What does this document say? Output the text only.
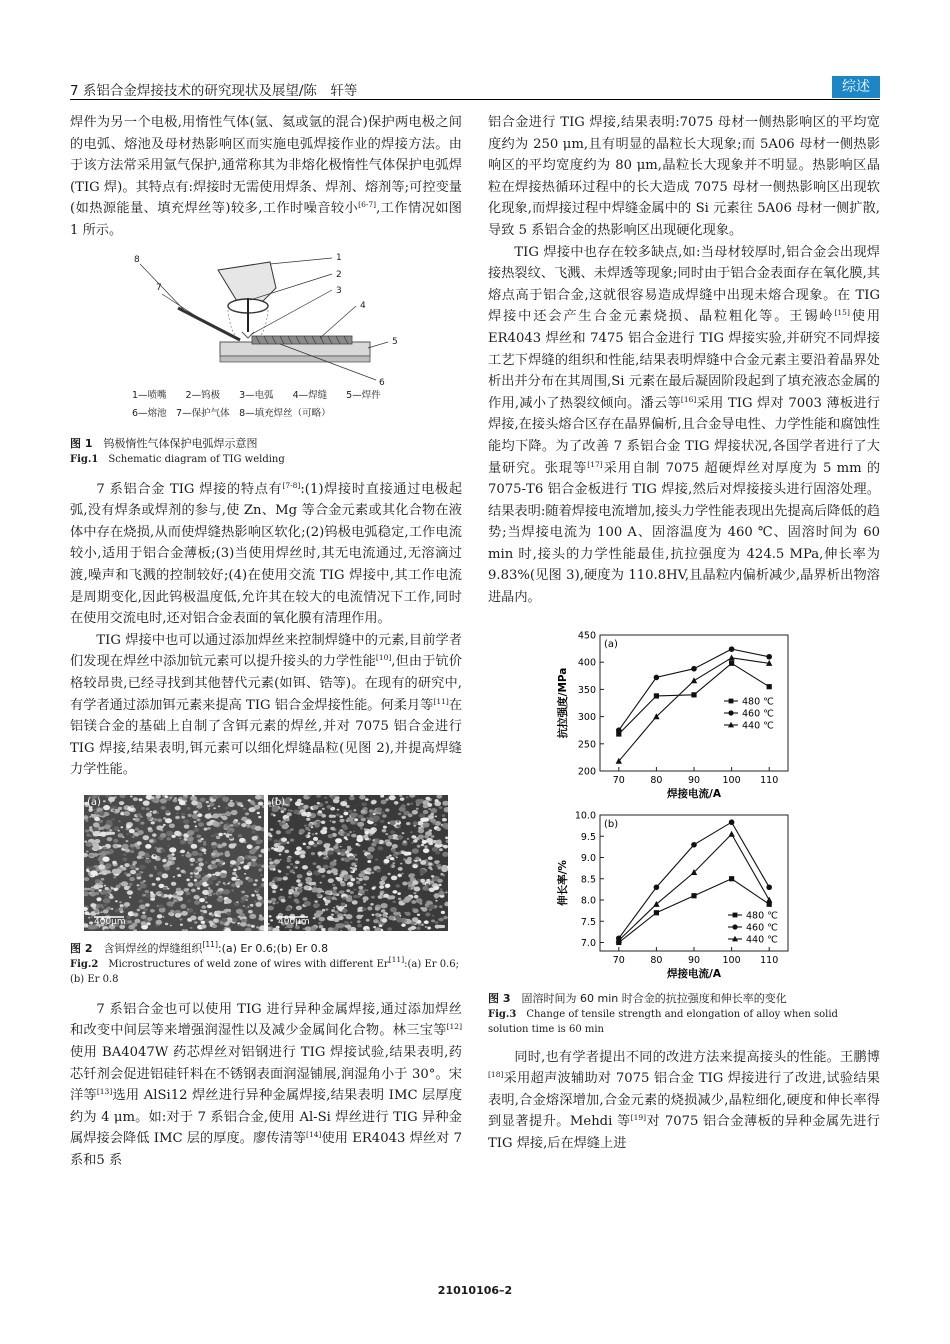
7 系铝合金焊接技术的研究现状及展望/陈　轩等	综述

焊件为另一个电极,用惰性气体(氩、氦或氩的混合)保护两电极之间的电弧、熔池及母材热影响区而实施电弧焊接作业的焊接方法。由于该方法常采用氩气保护,通常称其为非熔化极惰性气体保护电弧焊(TIG 焊)。其特点有:焊接时无需使用焊条、焊剂、熔剂等;可控变量(如热源能量、填充焊丝等)较多,工作时噪音较小[6-7],工作情况如图 1 所示。

1
2
3
4
5
6
7
8
1—喷嘴　　2—钨极　　3—电弧　　4—焊缝　　5—焊件
6—熔池　7—保护气体　8—填充焊丝（可略）
图 1　 钨极惰性气体保护电弧焊示意图
Fig.1　 Schematic diagram of TIG welding

7 系铝合金 TIG 焊接的特点有[7-8]:(1)焊接时直接通过电极起弧,没有焊条或焊剂的参与,使 Zn、Mg 等合金元素或其化合物在液体中存在烧损,从而使焊缝热影响区软化;(2)钨极电弧稳定,工作电流较小,适用于铝合金薄板;(3)当使用焊丝时,其无电流通过,无溶滴过渡,噪声和飞溅的控制较好;(4)在使用交流 TIG 焊接中,其工作电流是周期变化,因此钨极温度低,允许其在较大的电流情况下工作,同时在使用交流电时,还对铝合金表面的氧化膜有清理作用。

TIG 焊接中也可以通过添加焊丝来控制焊缝中的元素,目前学者们发现在焊丝中添加钪元素可以提升接头的力学性能[10],但由于钪价格较昂贵,已经寻找到其他替代元素(如铒、锆等)。在现有的研究中,有学者通过添加铒元素来提高 TIG 铝合金焊接性能。何柔月等[11]在铝镁合金的基础上自制了含铒元素的焊丝,并对 7075 铝合金进行 TIG 焊接,结果表明,铒元素可以细化焊缝晶粒(见图 2),并提高焊缝力学性能。

(a)
400μm
(b)
400μm
图 2　 含铒焊丝的焊缝组织[11]:(a) Er 0.6;(b) Er 0.8
Fig.2　 Microstructures of weld zone of wires with different Er[11]:(a) Er 0.6; (b) Er 0.8

7 系铝合金也可以使用 TIG 进行异种金属焊接,通过添加焊丝和改变中间层等来增强润湿性以及减少金属间化合物。林三宝等[12]使用 BA4047W 药芯焊丝对铝钢进行 TIG 焊接试验,结果表明,药芯钎剂会促进铝硅钎料在不锈钢表面润湿铺展,润湿角小于 30°。宋洋等[13]选用 AlSi12 焊丝进行异种金属焊接,结果表明 IMC 层厚度约为 4 μm。如:对于 7 系铝合金,使用 Al-Si 焊丝进行 TIG 异种金属焊接会降低 IMC 层的厚度。廖传清等[14]使用 ER4043 焊丝对 7 系和5 系

铝合金进行 TIG 焊接,结果表明:7075 母材一侧热影响区的平均宽度约为 250 μm,且有明显的晶粒长大现象;而 5A06 母材一侧热影响区的平均宽度约为 80 μm,晶粒长大现象并不明显。热影响区晶粒在焊接热循环过程中的长大造成 7075 母材一侧热影响区出现软化现象,而焊接过程中焊缝金属中的 Si 元素往 5A06 母材一侧扩散,导致 5 系铝合金的热影响区出现硬化现象。

TIG 焊接中也存在较多缺点,如:当母材较厚时,铝合金会出现焊接热裂纹、飞溅、未焊透等现象;同时由于铝合金表面存在氧化膜,其熔点高于铝合金,这就很容易造成焊缝中出现未熔合现象。在 TIG 焊接中还会产生合金元素烧损、晶粒粗化等。王锡岭[15]使用 ER4043 焊丝和 7475 铝合金进行 TIG 焊接实验,并研究不同焊接工艺下焊缝的组织和性能,结果表明焊缝中合金元素主要沿着晶界处析出并分布在其周围,Si 元素在最后凝固阶段起到了填充液态金属的作用,减小了热裂纹倾向。潘云等[16]采用 TIG 焊对 7003 薄板进行焊接,在接头熔合区存在晶界偏析,且合金导电性、力学性能和腐蚀性能均下降。为了改善 7 系铝合金 TIG 焊接状况,各国学者进行了大量研究。张琨等[17]采用自制 7075 超硬焊丝对厚度为 5 mm 的 7075-T6 铝合金板进行 TIG 焊接,然后对焊接接头进行固溶处理。结果表明:随着焊接电流增加,接头力学性能表现出先提高后降低的趋势;当焊接电流为 100 A、固溶温度为 460 ℃、固溶时间为 60 min 时,接头的力学性能最佳,抗拉强度为 424.5 MPa,伸长率为 9.83%(见图 3),硬度为 110.8HV,且晶粒内偏析减少,晶界析出物溶进晶内。

70	80	90 100 110
200
250
300
350
400
450
焊接电流/A
抗拉强度/MPa
(a)
480 ℃
460 ℃
440 ℃
70	80	90 100 110
7.0
7.5
8.0
8.5
9.0
9.5
10.0
焊接电流/A
伸长率/%
(b)
480 ℃
460 ℃
440 ℃
图 3　 固溶时间为 60 min 时合金的抗拉强度和伸长率的变化
Fig.3　 Change of tensile strength and elongation of alloy when solid solution time is 60 min

同时,也有学者提出不同的改进方法来提高接头的性能。王鹏博[18]采用超声波辅助对 7075 铝合金 TIG 焊接进行了改进,试验结果表明,合金熔深增加,合金元素的烧损减少,晶粒细化,硬度和伸长率得到显著提升。Mehdi 等[19]对 7075 铝合金薄板的异种金属先进行 TIG 焊接,后在焊缝上进

21010106–2
